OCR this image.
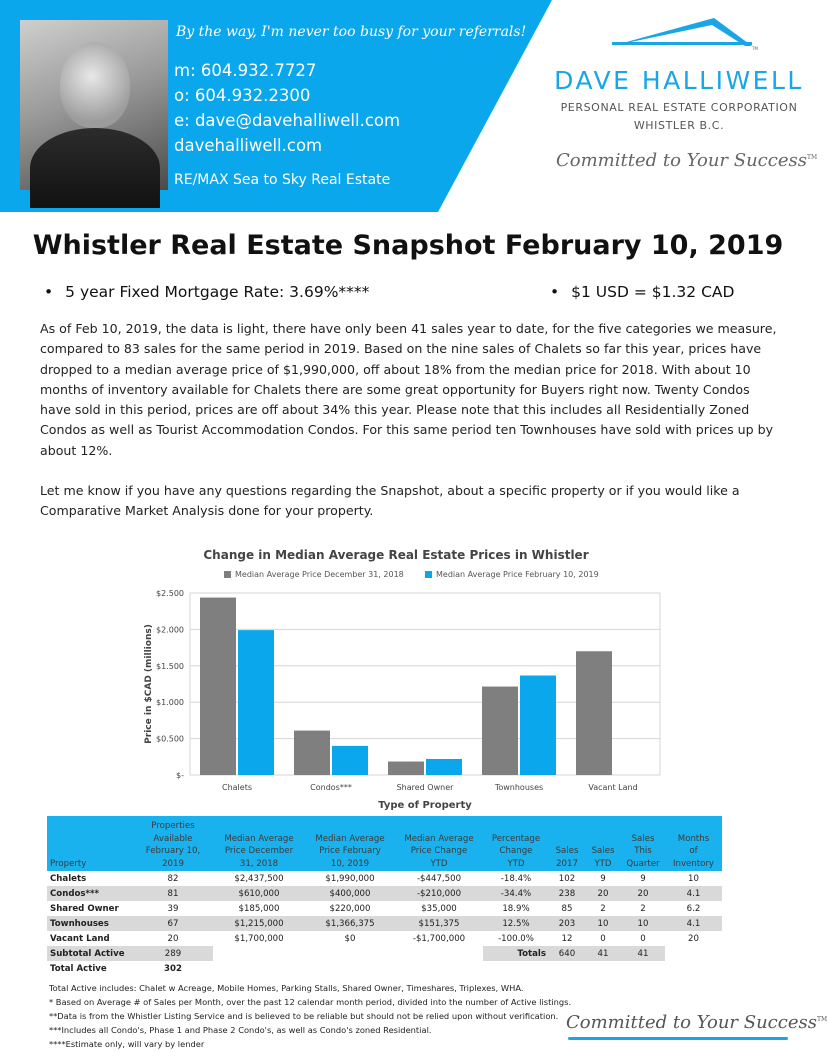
TM
By the way, I'm never too busy for your referrals!
m: 604.932.7727
o: 604.932.2300
e: dave@davehalliwell.com
davehalliwell.com
RE/MAX Sea to Sky Real Estate
DAVE HALLIWELL
PERSONAL REAL ESTATE CORPORATION
WHISTLER B.C.
Committed to Your Success™
Whistler Real Estate Snapshot February 10, 2019
• 5 year Fixed Mortgage Rate: 3.69%****	• $1 USD = $1.32 CAD
As of Feb 10, 2019, the data is light, there have only been 41 sales year to date, for the five categories we measure, compared to 83 sales for the same period in 2019. Based on the nine sales of Chalets so far this year, prices have dropped to a median average price of $1,990,000, off about 18% from the median price for 2018. With about 10 months of inventory available for Chalets there are some great opportunity for Buyers right now. Twenty Condos have sold in this period, prices are off about 34% this year. Please note that this includes all Residentially Zoned Condos as well as Tourist Accommodation Condos. For this same period ten Townhouses have sold with prices up by about 12%.
Let me know if you have any questions regarding the Snapshot, about a specific property or if you would like a Comparative Market Analysis done for your property.
Change in Median Average Real Estate Prices in Whistler
Median Average Price December 31, 2018	Median Average Price February 10, 2019
$-
$0.500
$1.000
$1.500
$2.000
$2.500
Chalets	Condos***	Shared Owner	Townhouses	Vacant Land
Type of Property
Price in $CAD (millions)
Property	Properties
Available
February 10,
2019	Median Average
Price December
31, 2018	Median Average
Price February
10, 2019	Median Average
Price Change
YTD	Percentage
Change
YTD	Sales
2017	Sales
YTD	Sales
This
Quarter	Months
of
Inventory

Chalets	82	$2,437,500	$1,990,000	-$447,500	-18.4%	102	9	9	10
Condos***	81	$610,000	$400,000	-$210,000	-34.4%	238	20	20	4.1
Shared Owner	39	$185,000	$220,000	$35,000	18.9%	85	2	2	6.2
Townhouses	67	$1,215,000	$1,366,375	$151,375	12.5%	203	10	10	4.1
Vacant Land	20	$1,700,000	$0	-$1,700,000	-100.0%	12	0	0	20
Subtotal Active	289				Totals	640	41	41	
Total Active	302								
Total Active includes: Chalet w Acreage, Mobile Homes, Parking Stalls, Shared Owner, Timeshares, Triplexes, WHA.
* Based on Average # of Sales per Month, over the past 12 calendar month period, divided into the number of Active listings.
**Data is from the Whistler Listing Service and is believed to be reliable but should not be relied upon without verification.
***Includes all Condo's, Phase 1 and Phase 2 Condo's, as well as Condo's zoned Residential.
****Estimate only, will vary by lender
Committed to Your Success™
